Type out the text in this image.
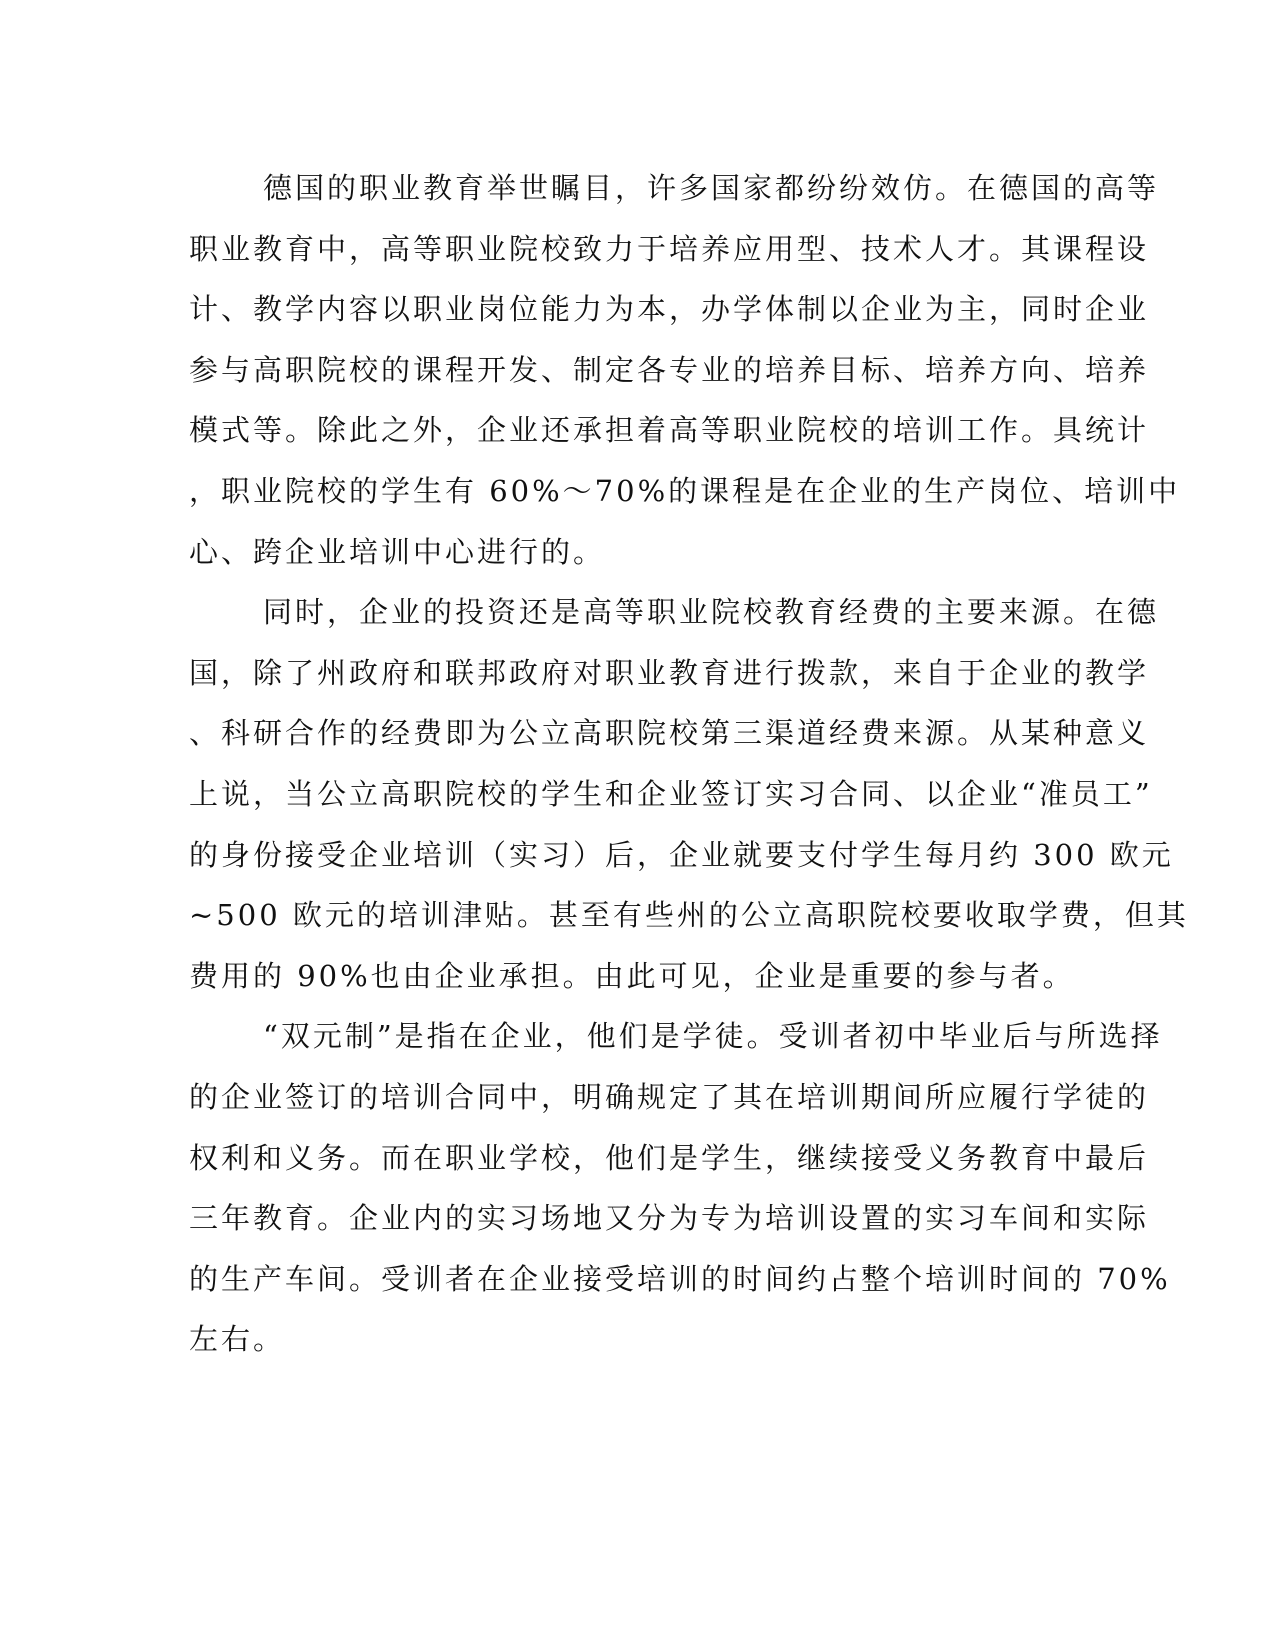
德国的职业教育举世瞩目，许多国家都纷纷效仿。在德国的高等
职业教育中，高等职业院校致力于培养应用型、技术人才。其课程设
计、教学内容以职业岗位能力为本，办学体制以企业为主，同时企业
参与高职院校的课程开发、制定各专业的培养目标、培养方向、培养
模式等。除此之外，企业还承担着高等职业院校的培训工作。具统计
，职业院校的学生有 60%～70%的课程是在企业的生产岗位、培训中
心、跨企业培训中心进行的。
同时，企业的投资还是高等职业院校教育经费的主要来源。在德
国，除了州政府和联邦政府对职业教育进行拨款，来自于企业的教学
、科研合作的经费即为公立高职院校第三渠道经费来源。从某种意义
上说，当公立高职院校的学生和企业签订实习合同、以企业“准员工”
的身份接受企业培训（实习）后，企业就要支付学生每月约 300 欧元
~500 欧元的培训津贴。甚至有些州的公立高职院校要收取学费，但其
费用的 90%也由企业承担。由此可见，企业是重要的参与者。
“双元制”是指在企业，他们是学徒。受训者初中毕业后与所选择
的企业签订的培训合同中，明确规定了其在培训期间所应履行学徒的
权利和义务。而在职业学校，他们是学生，继续接受义务教育中最后
三年教育。企业内的实习场地又分为专为培训设置的实习车间和实际
的生产车间。受训者在企业接受培训的时间约占整个培训时间的 70%
左右。
